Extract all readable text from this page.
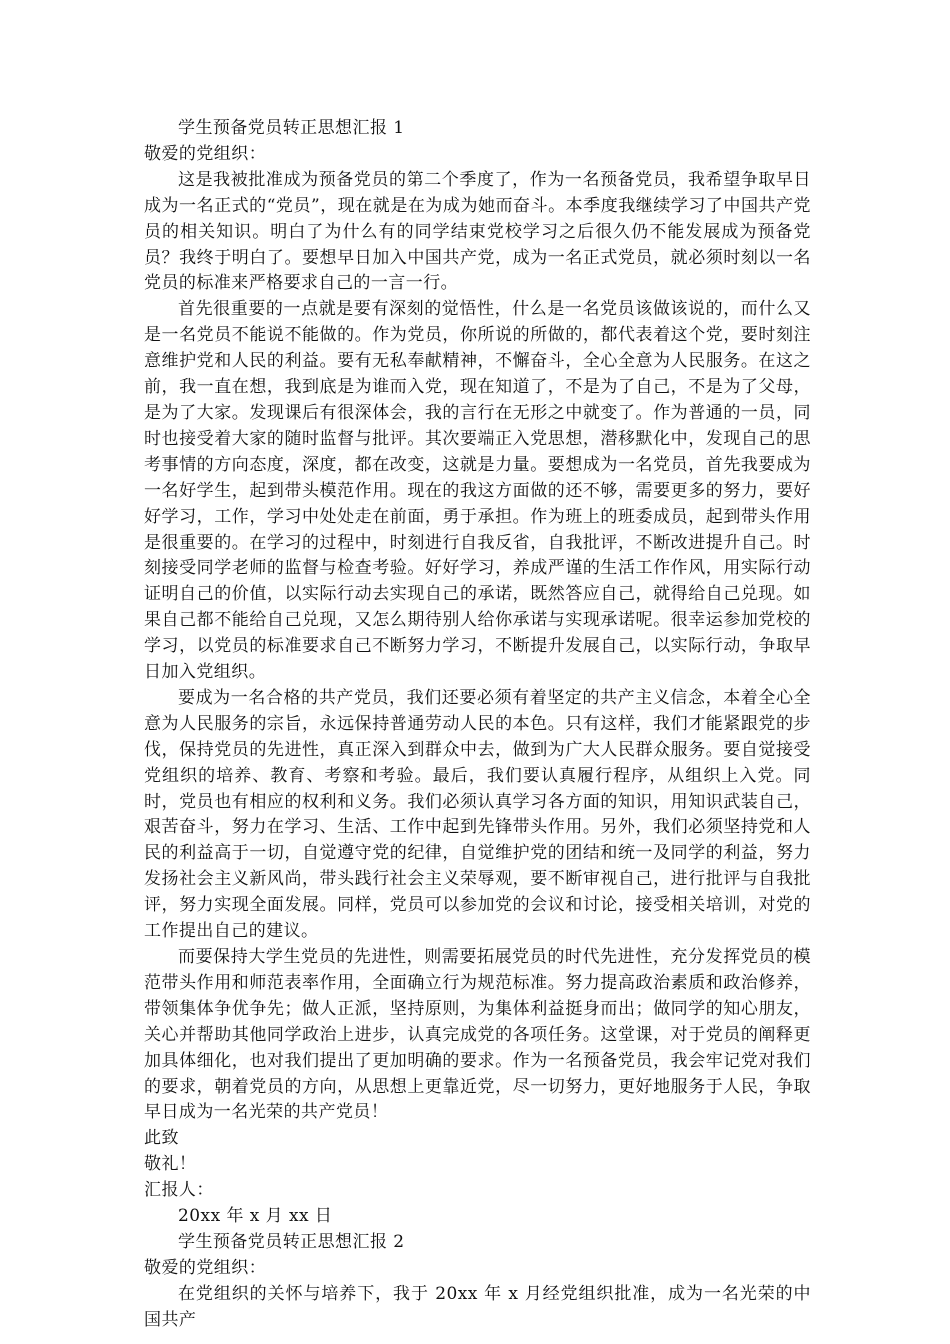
学生预备党员转正思想汇报 1

敬爱的党组织：

这是我被批准成为预备党员的第二个季度了，作为一名预备党员，我希望争取早日成为一名正式的“党员”，现在就是在为成为她而奋斗。本季度我继续学习了中国共产党员的相关知识。明白了为什么有的同学结束党校学习之后很久仍不能发展成为预备党员？我终于明白了。要想早日加入中国共产党，成为一名正式党员，就必须时刻以一名党员的标准来严格要求自己的一言一行。

首先很重要的一点就是要有深刻的觉悟性，什么是一名党员该做该说的，而什么又是一名党员不能说不能做的。作为党员，你所说的所做的，都代表着这个党，要时刻注意维护党和人民的利益。要有无私奉献精神，不懈奋斗，全心全意为人民服务。在这之前，我一直在想，我到底是为谁而入党，现在知道了，不是为了自己，不是为了父母，是为了大家。发现课后有很深体会，我的言行在无形之中就变了。作为普通的一员，同时也接受着大家的随时监督与批评。其次要端正入党思想，潜移默化中，发现自己的思考事情的方向态度，深度，都在改变，这就是力量。要想成为一名党员，首先我要成为一名好学生，起到带头模范作用。现在的我这方面做的还不够，需要更多的努力，要好好学习，工作，学习中处处走在前面，勇于承担。作为班上的班委成员，起到带头作用是很重要的。在学习的过程中，时刻进行自我反省，自我批评，不断改进提升自己。时刻接受同学老师的监督与检查考验。好好学习，养成严谨的生活工作作风，用实际行动证明自己的价值，以实际行动去实现自己的承诺，既然答应自己，就得给自己兑现。如果自己都不能给自己兑现，又怎么期待别人给你承诺与实现承诺呢。很幸运参加党校的学习，以党员的标准要求自己不断努力学习，不断提升发展自己，以实际行动，争取早日加入党组织。

要成为一名合格的共产党员，我们还要必须有着坚定的共产主义信念，本着全心全意为人民服务的宗旨，永远保持普通劳动人民的本色。只有这样，我们才能紧跟党的步伐，保持党员的先进性，真正深入到群众中去，做到为广大人民群众服务。要自觉接受党组织的培养、教育、考察和考验。最后，我们要认真履行程序，从组织上入党。同时，党员也有相应的权利和义务。我们必须认真学习各方面的知识，用知识武装自己，艰苦奋斗，努力在学习、生活、工作中起到先锋带头作用。另外，我们必须坚持党和人民的利益高于一切，自觉遵守党的纪律，自觉维护党的团结和统一及同学的利益，努力发扬社会主义新风尚，带头践行社会主义荣辱观，要不断审视自己，进行批评与自我批评，努力实现全面发展。同样，党员可以参加党的会议和讨论，接受相关培训，对党的工作提出自己的建议。

而要保持大学生党员的先进性，则需要拓展党员的时代先进性，充分发挥党员的模范带头作用和师范表率作用，全面确立行为规范标准。努力提高政治素质和政治修养，带领集体争优争先；做人正派，坚持原则，为集体利益挺身而出；做同学的知心朋友，关心并帮助其他同学政治上进步，认真完成党的各项任务。这堂课，对于党员的阐释更加具体细化，也对我们提出了更加明确的要求。作为一名预备党员，我会牢记党对我们的要求，朝着党员的方向，从思想上更靠近党，尽一切努力，更好地服务于人民，争取早日成为一名光荣的共产党员！

此致

敬礼！

汇报人：

20xx 年 x 月 xx 日

学生预备党员转正思想汇报 2

敬爱的党组织：

在党组织的关怀与培养下，我于 20xx 年 x 月经党组织批准，成为一名光荣的中国共产
